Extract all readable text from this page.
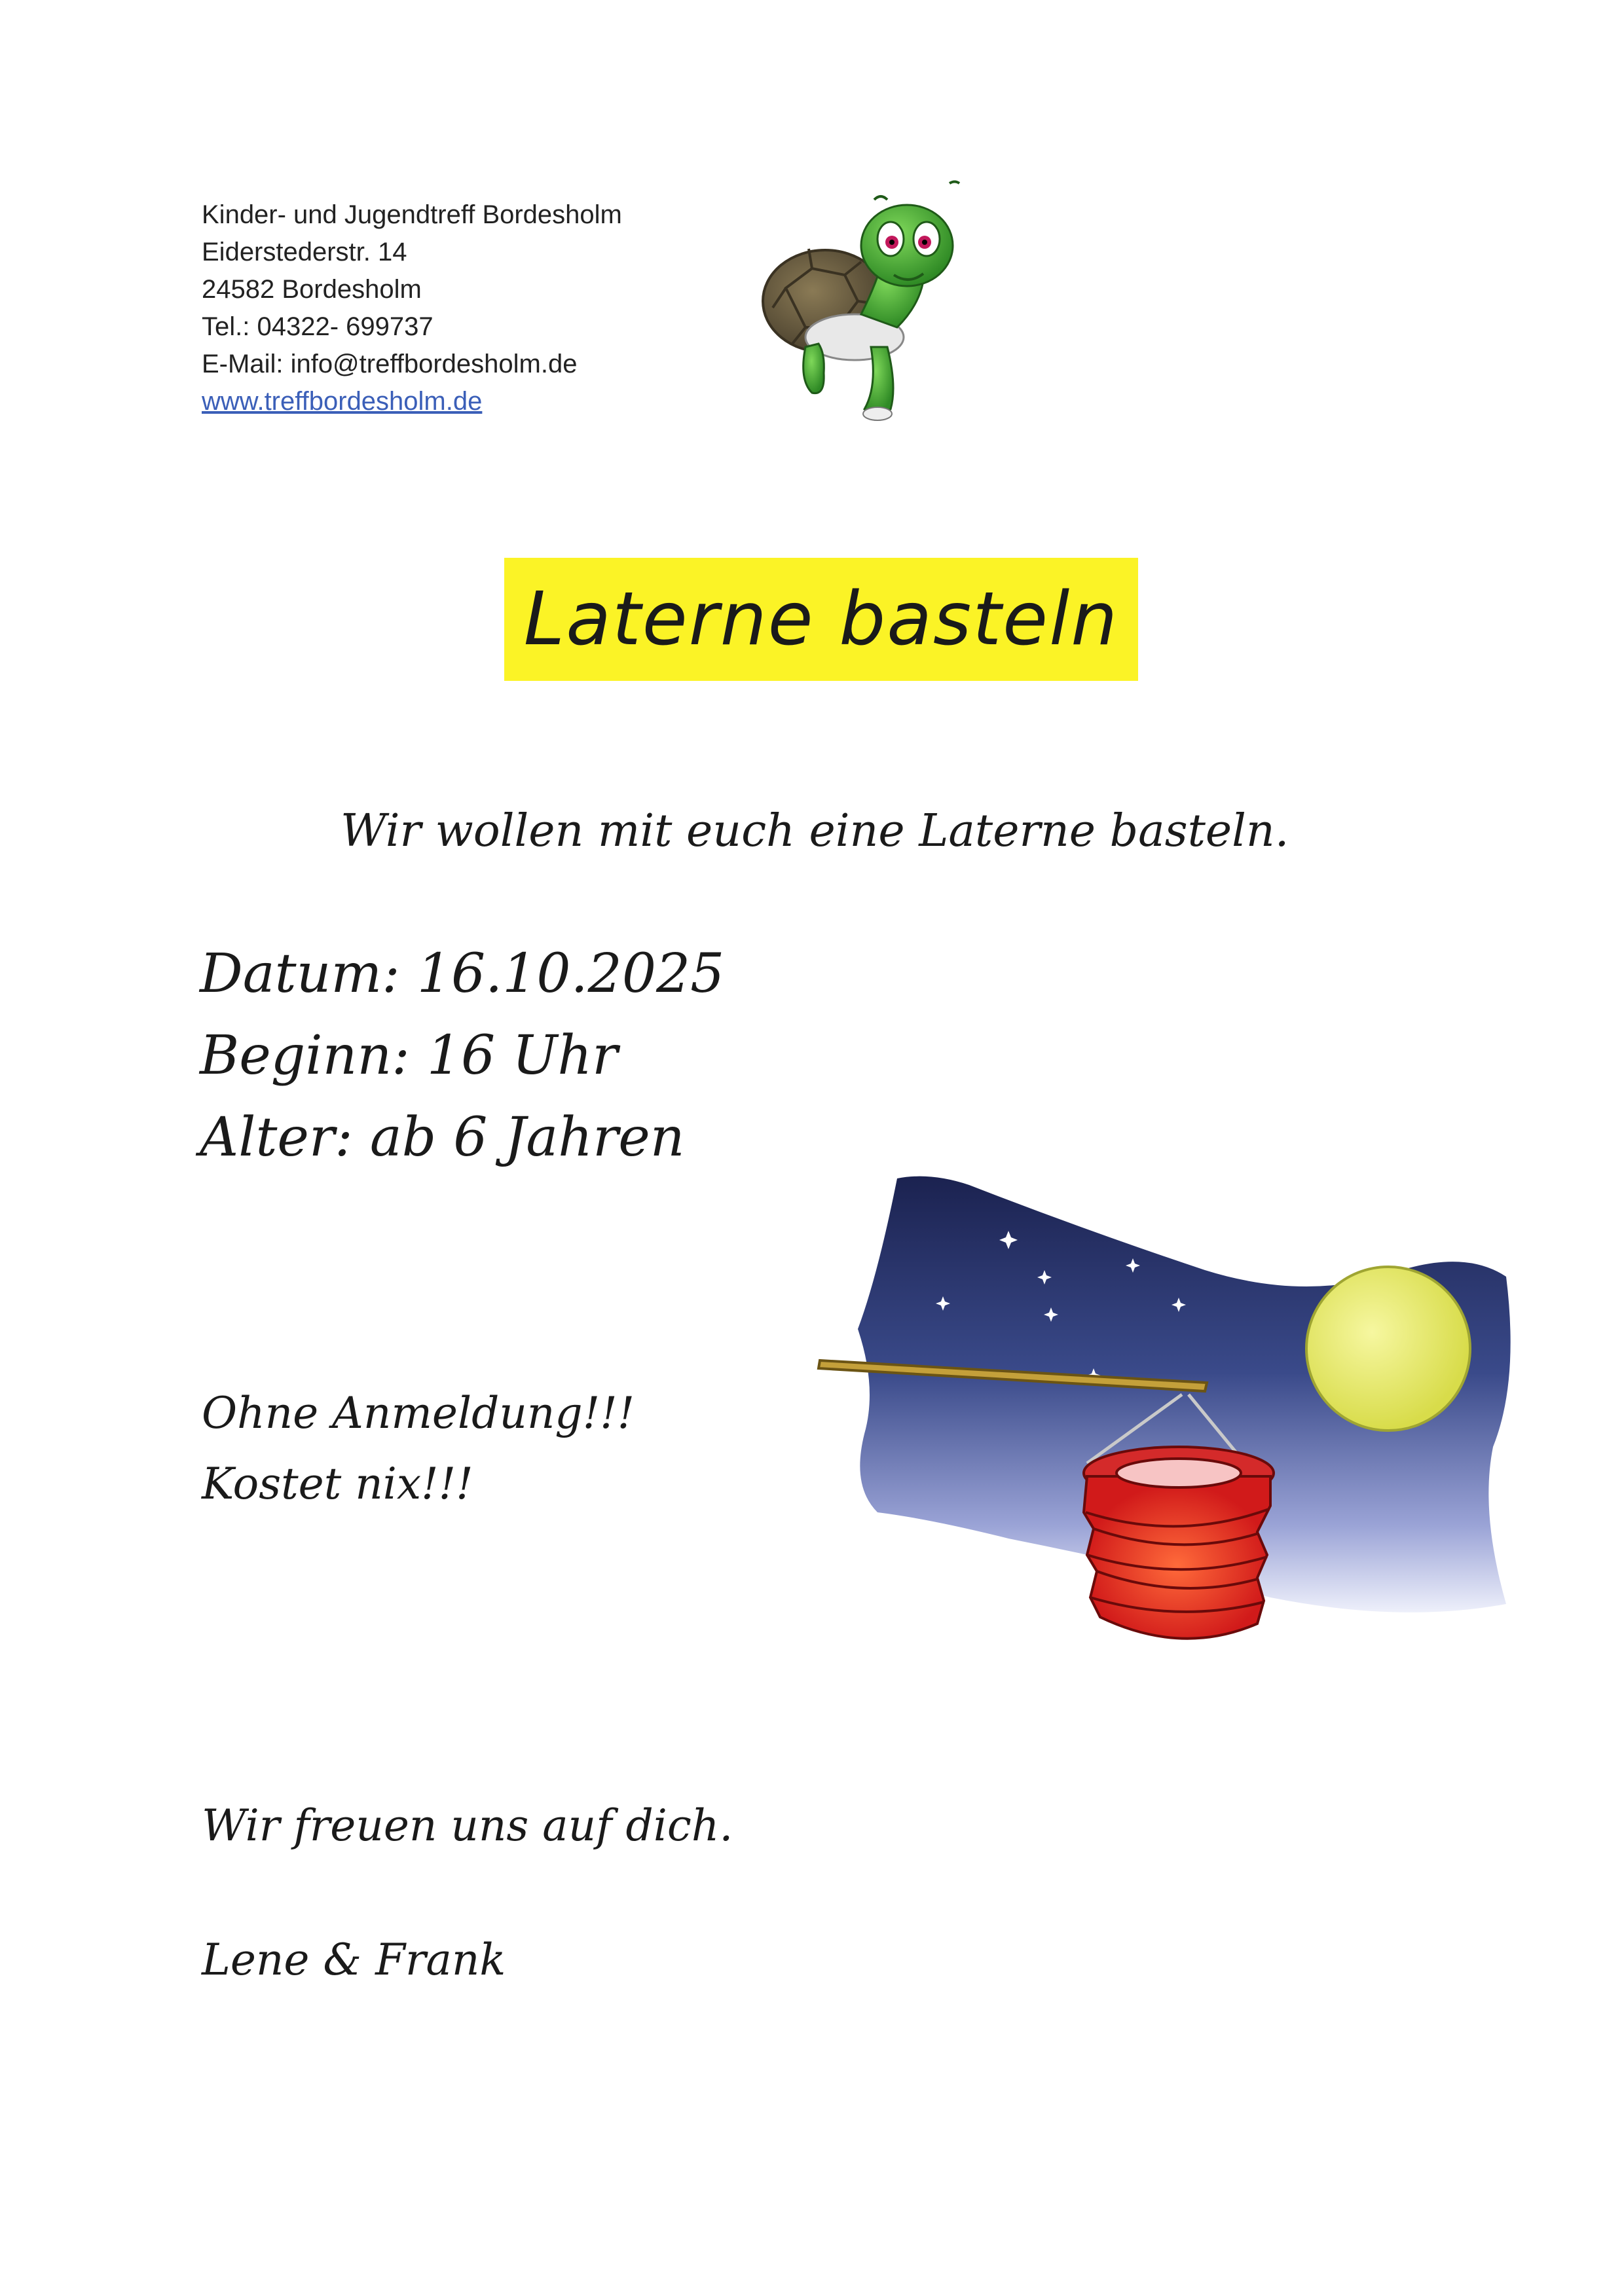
Kinder- und Jugendtreff Bordesholm
Eiderstederstr. 14
24582 Bordesholm
Tel.: 04322- 699737
E-Mail: info@treffbordesholm.de
www.treffbordesholm.de
Laterne basteln
Wir wollen mit euch eine Laterne basteln.
Datum: 16.10.2025
Beginn: 16 Uhr
Alter: ab 6 Jahren
Ohne Anmeldung!!!
Kostet nix!!!
Wir freuen uns auf dich.
Lene & Frank
